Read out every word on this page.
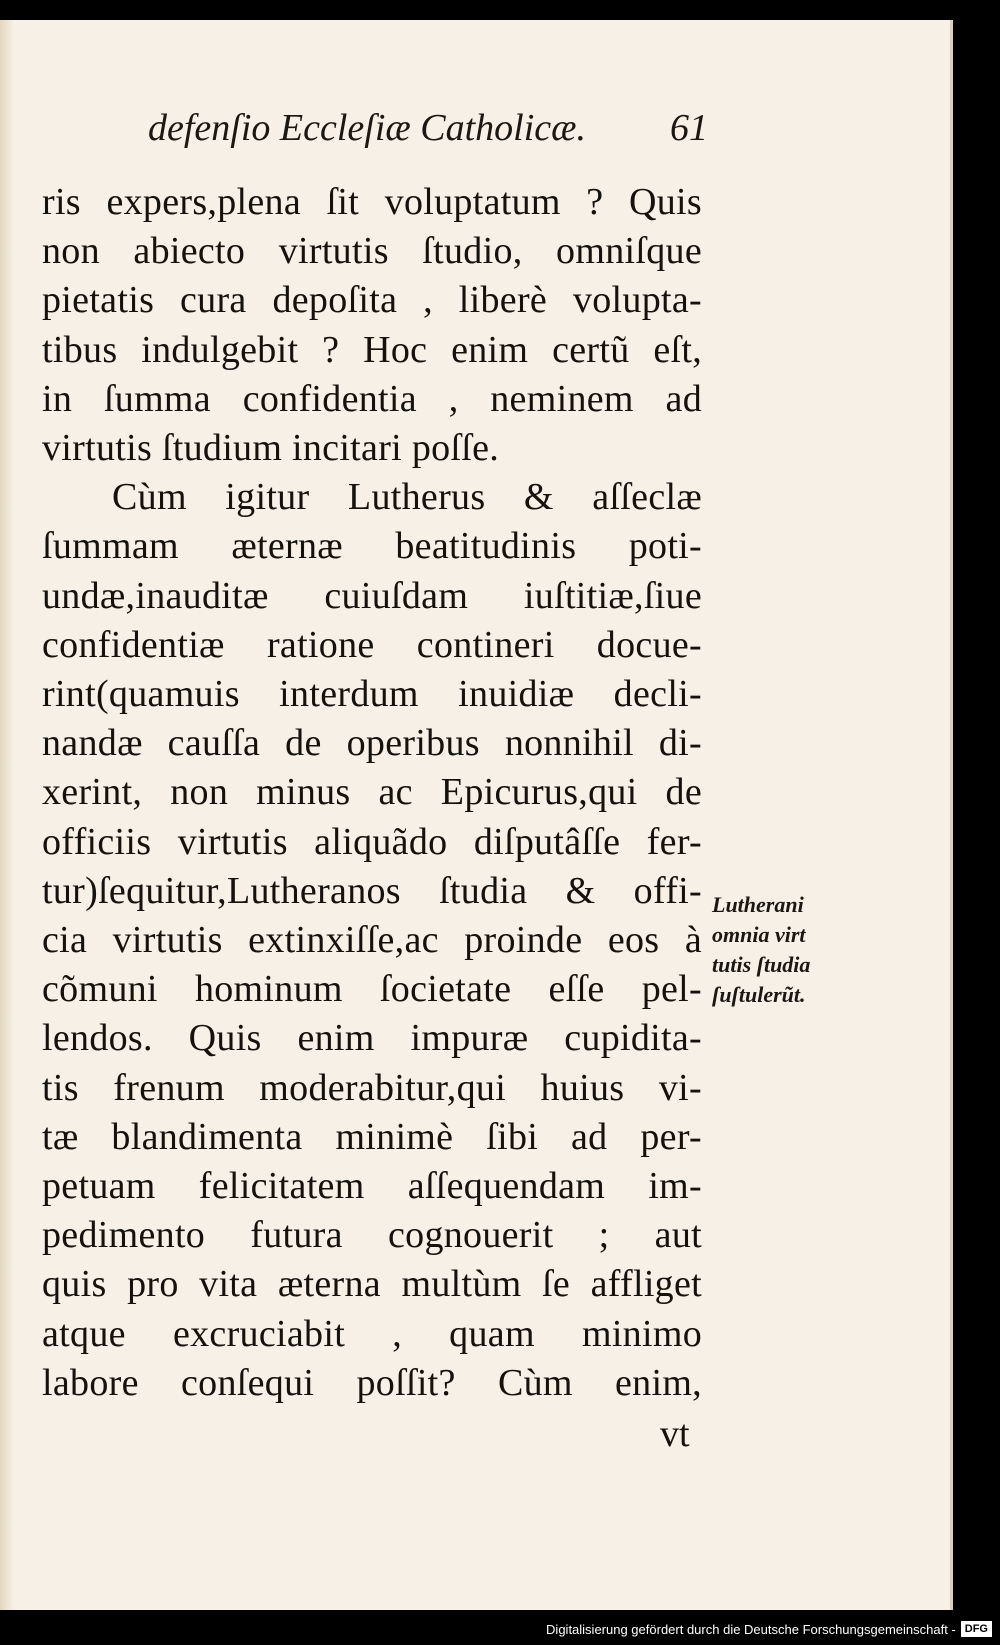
defenſio Eccleſiæ Catholicæ. 61
ris expers,plena ſit voluptatum ? Quis
non abiecto virtutis ſtudio, omniſque
pietatis cura depoſita , liberè volupta-
tibus indulgebit ? Hoc enim certũ eſt,
in ſumma confidentia , neminem ad
virtutis ſtudium incitari poſſe.
Cùm igitur Lutherus & aſſeclæ
ſummam æternæ beatitudinis poti-
undæ,inauditæ cuiuſdam iuſtitiæ,ſiue
confidentiæ ratione contineri docue-
rint(quamuis interdum inuidiæ decli-
nandæ cauſſa de operibus nonnihil di-
xerint, non minus ac Epicurus,qui de
officiis virtutis aliquãdo diſputâſſe fer-
tur)ſequitur,Lutheranos ſtudia & offi-
cia virtutis extinxiſſe,ac proinde eos à
cõmuni hominum ſocietate eſſe pel-
lendos. Quis enim impuræ cupidita-
tis frenum moderabitur,qui huius vi-
tæ blandimenta minimè ſibi ad per-
petuam felicitatem aſſequendam im-
pedimento futura cognouerit ; aut
quis pro vita æterna multùm ſe affliget
atque excruciabit , quam minimo
labore conſequi poſſit? Cùm enim,
Lutherani
omnia virt
tutis ſtudia
ſuſtulerũt.
vt
Digitalisierung gefördert durch die Deutsche Forschungsgemeinschaft - DFG
